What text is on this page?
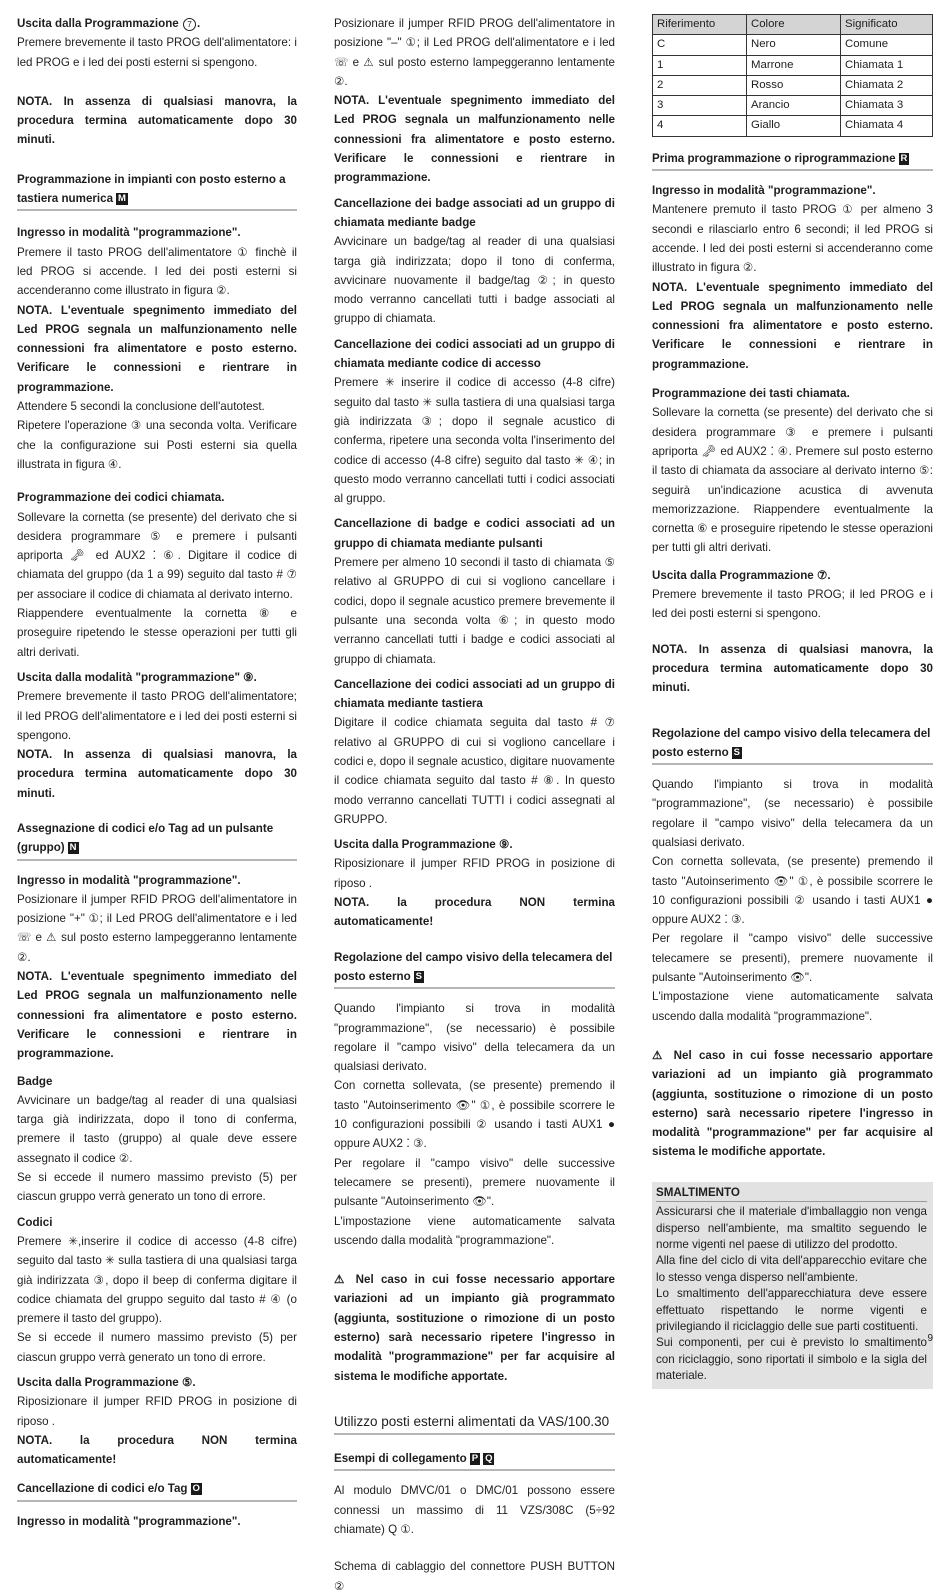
Uscita dalla Programmazione 7 .

Premere brevemente il tasto PROG dell'alimentatore: i led PROG e i led dei posti esterni si spengono.

NOTA. In assenza di qualsiasi manovra, la procedura termina automaticamente dopo 30 minuti.

Programmazione in impianti con posto esterno a tastiera numerica M

Ingresso in modalità "programmazione".

Premere il tasto PROG dell'alimentatore ① finchè il led PROG si accende. I led dei posti esterni si accenderanno come illustrato in figura ②.

NOTA. L'eventuale spegnimento immediato del Led PROG segnala un malfunzionamento nelle connessioni fra alimentatore e posto esterno. Verificare le connessioni e rientrare in programmazione.

Attendere 5 secondi la conclusione dell'autotest.

Ripetere l'operazione ③ una seconda volta. Verificare che la configurazione sui Posti esterni sia quella illustrata in figura ④.

Programmazione dei codici chiamata.

Sollevare la cornetta (se presente) del derivato che si desidera programmare ⑤ e premere i pulsanti apriporta 🗝 ed AUX2 ⁚ ⑥. Digitare il codice di chiamata del gruppo (da 1 a 99) seguito dal tasto # ⑦ per associare il codice di chiamata al derivato interno.

Riappendere eventualmente la cornetta ⑧ e proseguire ripetendo le stesse operazioni per tutti gli altri derivati.

Uscita dalla modalità "programmazione" ⑨.

Premere brevemente il tasto PROG dell'alimentatore; il led PROG dell'alimentatore e i led dei posti esterni si spengono.

NOTA. In assenza di qualsiasi manovra, la procedura termina automaticamente dopo 30 minuti.

Assegnazione di codici e/o Tag ad un pulsante (gruppo) N

Ingresso in modalità "programmazione".

Posizionare il jumper RFID PROG dell'alimentatore in posizione "+" ①; il Led PROG dell'alimentatore e i led ☏ e ⚠ sul posto esterno lampeggeranno lentamente ②.

NOTA. L'eventuale spegnimento immediato del Led PROG segnala un malfunzionamento nelle connessioni fra alimentatore e posto esterno. Verificare le connessioni e rientrare in programmazione.

Badge

Avvicinare un badge/tag al reader di una qualsiasi targa già indirizzata, dopo il tono di conferma, premere il tasto (gruppo) al quale deve essere assegnato il codice ②.

Se si eccede il numero massimo previsto (5) per ciascun gruppo verrà generato un tono di errore.

Codici

Premere ✳,inserire il codice di accesso (4-8 cifre) seguito dal tasto ✳ sulla tastiera di una qualsiasi targa già indirizzata ③, dopo il beep di conferma digitare il codice chiamata del gruppo seguito dal tasto # ④ (o premere il tasto del gruppo).

Se si eccede il numero massimo previsto (5) per ciascun gruppo verrà generato un tono di errore.

Uscita dalla Programmazione ⑤.

Riposizionare il jumper RFID PROG in posizione di riposo .

NOTA. la procedura NON termina automaticamente!

Cancellazione di codici e/o Tag O

Ingresso in modalità "programmazione".

Posizionare il jumper RFID PROG dell'alimentatore in posizione "–" ①; il Led PROG dell'alimentatore e i led ☏ e ⚠ sul posto esterno lampeggeranno lentamente ②.

NOTA. L'eventuale spegnimento immediato del Led PROG segnala un malfunzionamento nelle connessioni fra alimentatore e posto esterno. Verificare le connessioni e rientrare in programmazione.

Cancellazione dei badge associati ad un gruppo di chiamata mediante badge

Avvicinare un badge/tag al reader di una qualsiasi targa già indirizzata; dopo il tono di conferma, avvicinare nuovamente il badge/tag ②; in questo modo verranno cancellati tutti i badge associati al gruppo di chiamata.

Cancellazione dei codici associati ad un gruppo di chiamata mediante codice di accesso

Premere ✳ inserire il codice di accesso (4-8 cifre) seguito dal tasto ✳ sulla tastiera di una qualsiasi targa già indirizzata ③; dopo il segnale acustico di conferma, ripetere una seconda volta l'inserimento del codice di accesso (4-8 cifre) seguito dal tasto ✳ ④; in questo modo verranno cancellati tutti i codici associati al gruppo.

Cancellazione di badge e codici associati ad un gruppo di chiamata mediante pulsanti

Premere per almeno 10 secondi il tasto di chiamata ⑤ relativo al GRUPPO di cui si vogliono cancellare i codici, dopo il segnale acustico premere brevemente il pulsante una seconda volta ⑥; in questo modo verranno cancellati tutti i badge e codici associati al gruppo di chiamata.

Cancellazione dei codici associati ad un gruppo di chiamata mediante tastiera

Digitare il codice chiamata seguita dal tasto # ⑦ relativo al GRUPPO di cui si vogliono cancellare i codici e, dopo il segnale acustico, digitare nuovamente il codice chiamata seguito dal tasto # ⑧. In questo modo verranno cancellati TUTTI i codici assegnati al GRUPPO.

Uscita dalla Programmazione ⑨.

Riposizionare il jumper RFID PROG in posizione di riposo .

NOTA. la procedura NON termina automaticamente!

Regolazione del campo visivo della telecamera del posto esterno S

Quando l'impianto si trova in modalità "programmazione", (se necessario) è possibile regolare il "campo visivo" della telecamera da un qualsiasi derivato.

Con cornetta sollevata, (se presente) premendo il tasto "Autoinserimento 👁" ①, è possibile scorrere le 10 configurazioni possibili ② usando i tasti AUX1 ● oppure AUX2 ⁚ ③.

Per regolare il "campo visivo" delle successive telecamere se presenti), premere nuovamente il pulsante "Autoinserimento 👁".

L'impostazione viene automaticamente salvata uscendo dalla modalità "programmazione".

⚠ Nel caso in cui fosse necessario apportare variazioni ad un impianto già programmato (aggiunta, sostituzione o rimozione di un posto esterno) sarà necessario ripetere l'ingresso in modalità "programmazione" per far acquisire al sistema le modifiche apportate.

Utilizzo posti esterni alimentati da VAS/100.30
Esempi di collegamento P Q

Al modulo DMVC/01 o DMC/01 possono essere connessi un massimo di 11 VZS/308C (5÷92 chiamate) Q ①.

Schema di cablaggio del connettore PUSH BUTTON ②

Riferimento	Colore	Significato
C	Nero	Comune
1	Marrone	Chiamata 1
2	Rosso	Chiamata 2
3	Arancio	Chiamata 3
4	Giallo	Chiamata 4
Prima programmazione o riprogrammazione R

Ingresso in modalità "programmazione".

Mantenere premuto il tasto PROG ① per almeno 3 secondi e rilasciarlo entro 6 secondi; il led PROG si accende. I led dei posti esterni si accenderanno come illustrato in figura ②.

NOTA. L'eventuale spegnimento immediato del Led PROG segnala un malfunzionamento nelle connessioni fra alimentatore e posto esterno. Verificare le connessioni e rientrare in programmazione.

Programmazione dei tasti chiamata.

Sollevare la cornetta (se presente) del derivato che si desidera programmare ③ e premere i pulsanti apriporta 🗝 ed AUX2 ⁚ ④. Premere sul posto esterno il tasto di chiamata da associare al derivato interno ⑤: seguirà un'indicazione acustica di avvenuta memorizzazione. Riappendere eventualmente la cornetta ⑥ e proseguire ripetendo le stesse operazioni per tutti gli altri derivati.

Uscita dalla Programmazione ⑦.

Premere brevemente il tasto PROG; il led PROG e i led dei posti esterni si spengono.

NOTA. In assenza di qualsiasi manovra, la procedura termina automaticamente dopo 30 minuti.

Regolazione del campo visivo della telecamera del posto esterno S

Quando l'impianto si trova in modalità "programmazione", (se necessario) è possibile regolare il "campo visivo" della telecamera da un qualsiasi derivato.

Con cornetta sollevata, (se presente) premendo il tasto "Autoinserimento 👁" ①, è possibile scorrere le 10 configurazioni possibili ② usando i tasti AUX1 ● oppure AUX2 ⁚ ③.

Per regolare il "campo visivo" delle successive telecamere se presenti), premere nuovamente il pulsante "Autoinserimento 👁".

L'impostazione viene automaticamente salvata uscendo dalla modalità "programmazione".

⚠ Nel caso in cui fosse necessario apportare variazioni ad un impianto già programmato (aggiunta, sostituzione o rimozione di un posto esterno) sarà necessario ripetere l'ingresso in modalità "programmazione" per far acquisire al sistema le modifiche apportate.

SMALTIMENTO

Assicurarsi che il materiale d'imballaggio non venga disperso nell'ambiente, ma smaltito seguendo le norme vigenti nel paese di utilizzo del prodotto.

Alla fine del ciclo di vita dell'apparecchio evitare che lo stesso venga disperso nell'ambiente.

Lo smaltimento dell'apparecchiatura deve essere effettuato rispettando le norme vigenti e privilegiando il riciclaggio delle sue parti costituenti.

Sui componenti, per cui è previsto lo smaltimento con riciclaggio, sono riportati il simbolo e la sigla del materiale.

9
